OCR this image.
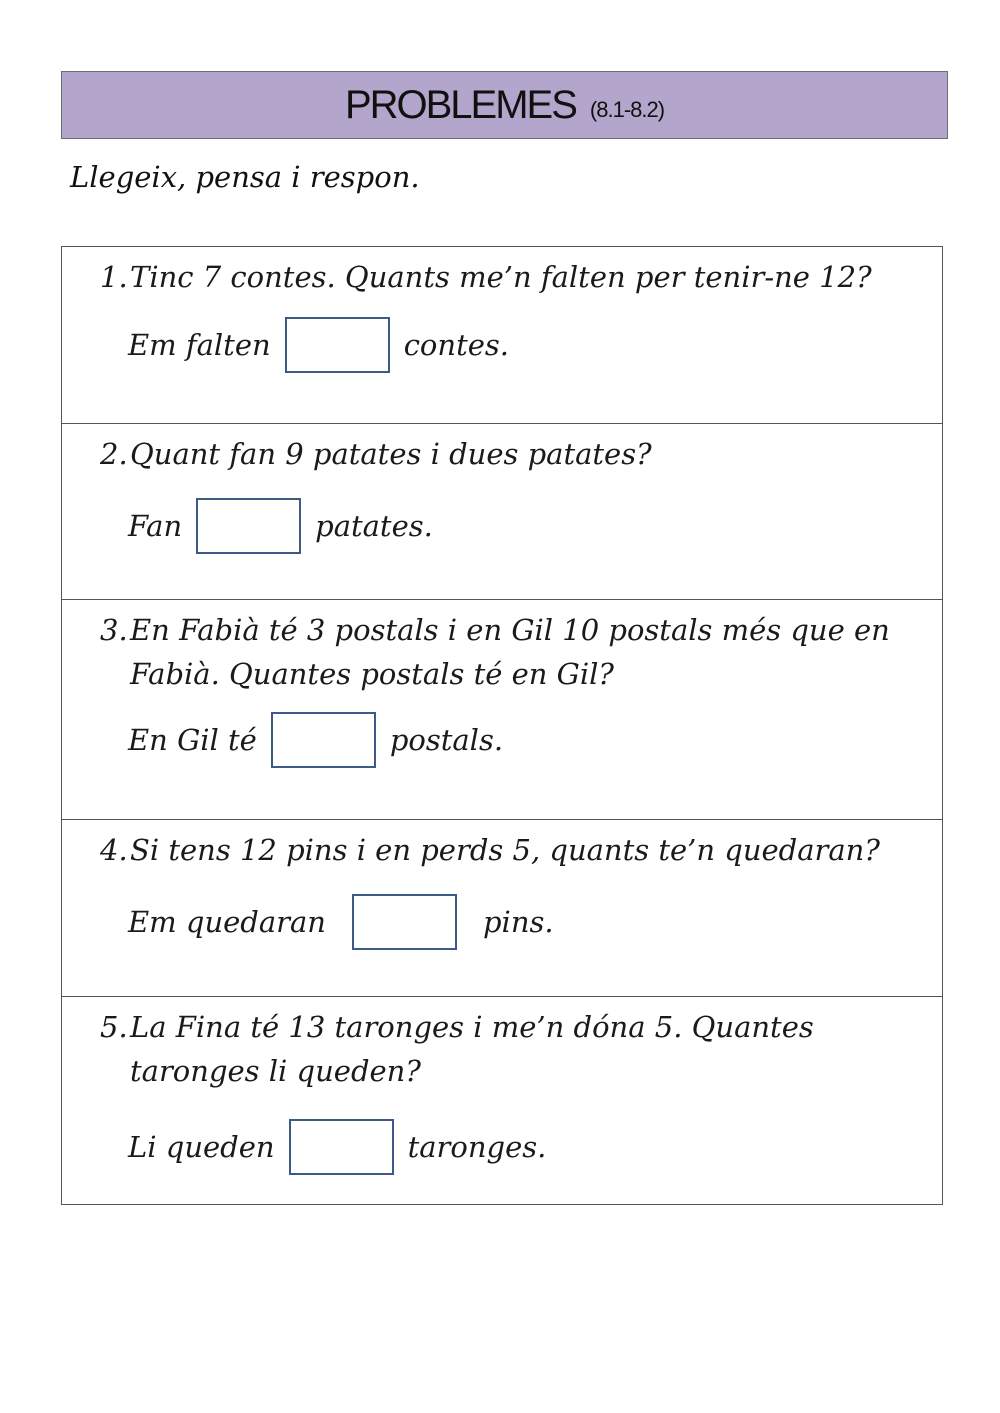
PROBLEMES (8.1-8.2)
Llegeix, pensa i respon.
1. Tinc 7 contes. Quants me’n falten per tenir-ne 12?
Em falten	contes.
2. Quant fan 9 patates i dues patates?
Fan	patates.
3. En Fabià té 3 postals i en Gil 10 postals més que en Fabià. Quantes postals té en Gil?
En Gil té	postals.
4. Si tens 12 pins i en perds 5, quants te’n quedaran?
Em quedaran	pins.
5. La Fina té 13 taronges i me’n dóna 5. Quantes taronges li queden?
Li queden	taronges.
